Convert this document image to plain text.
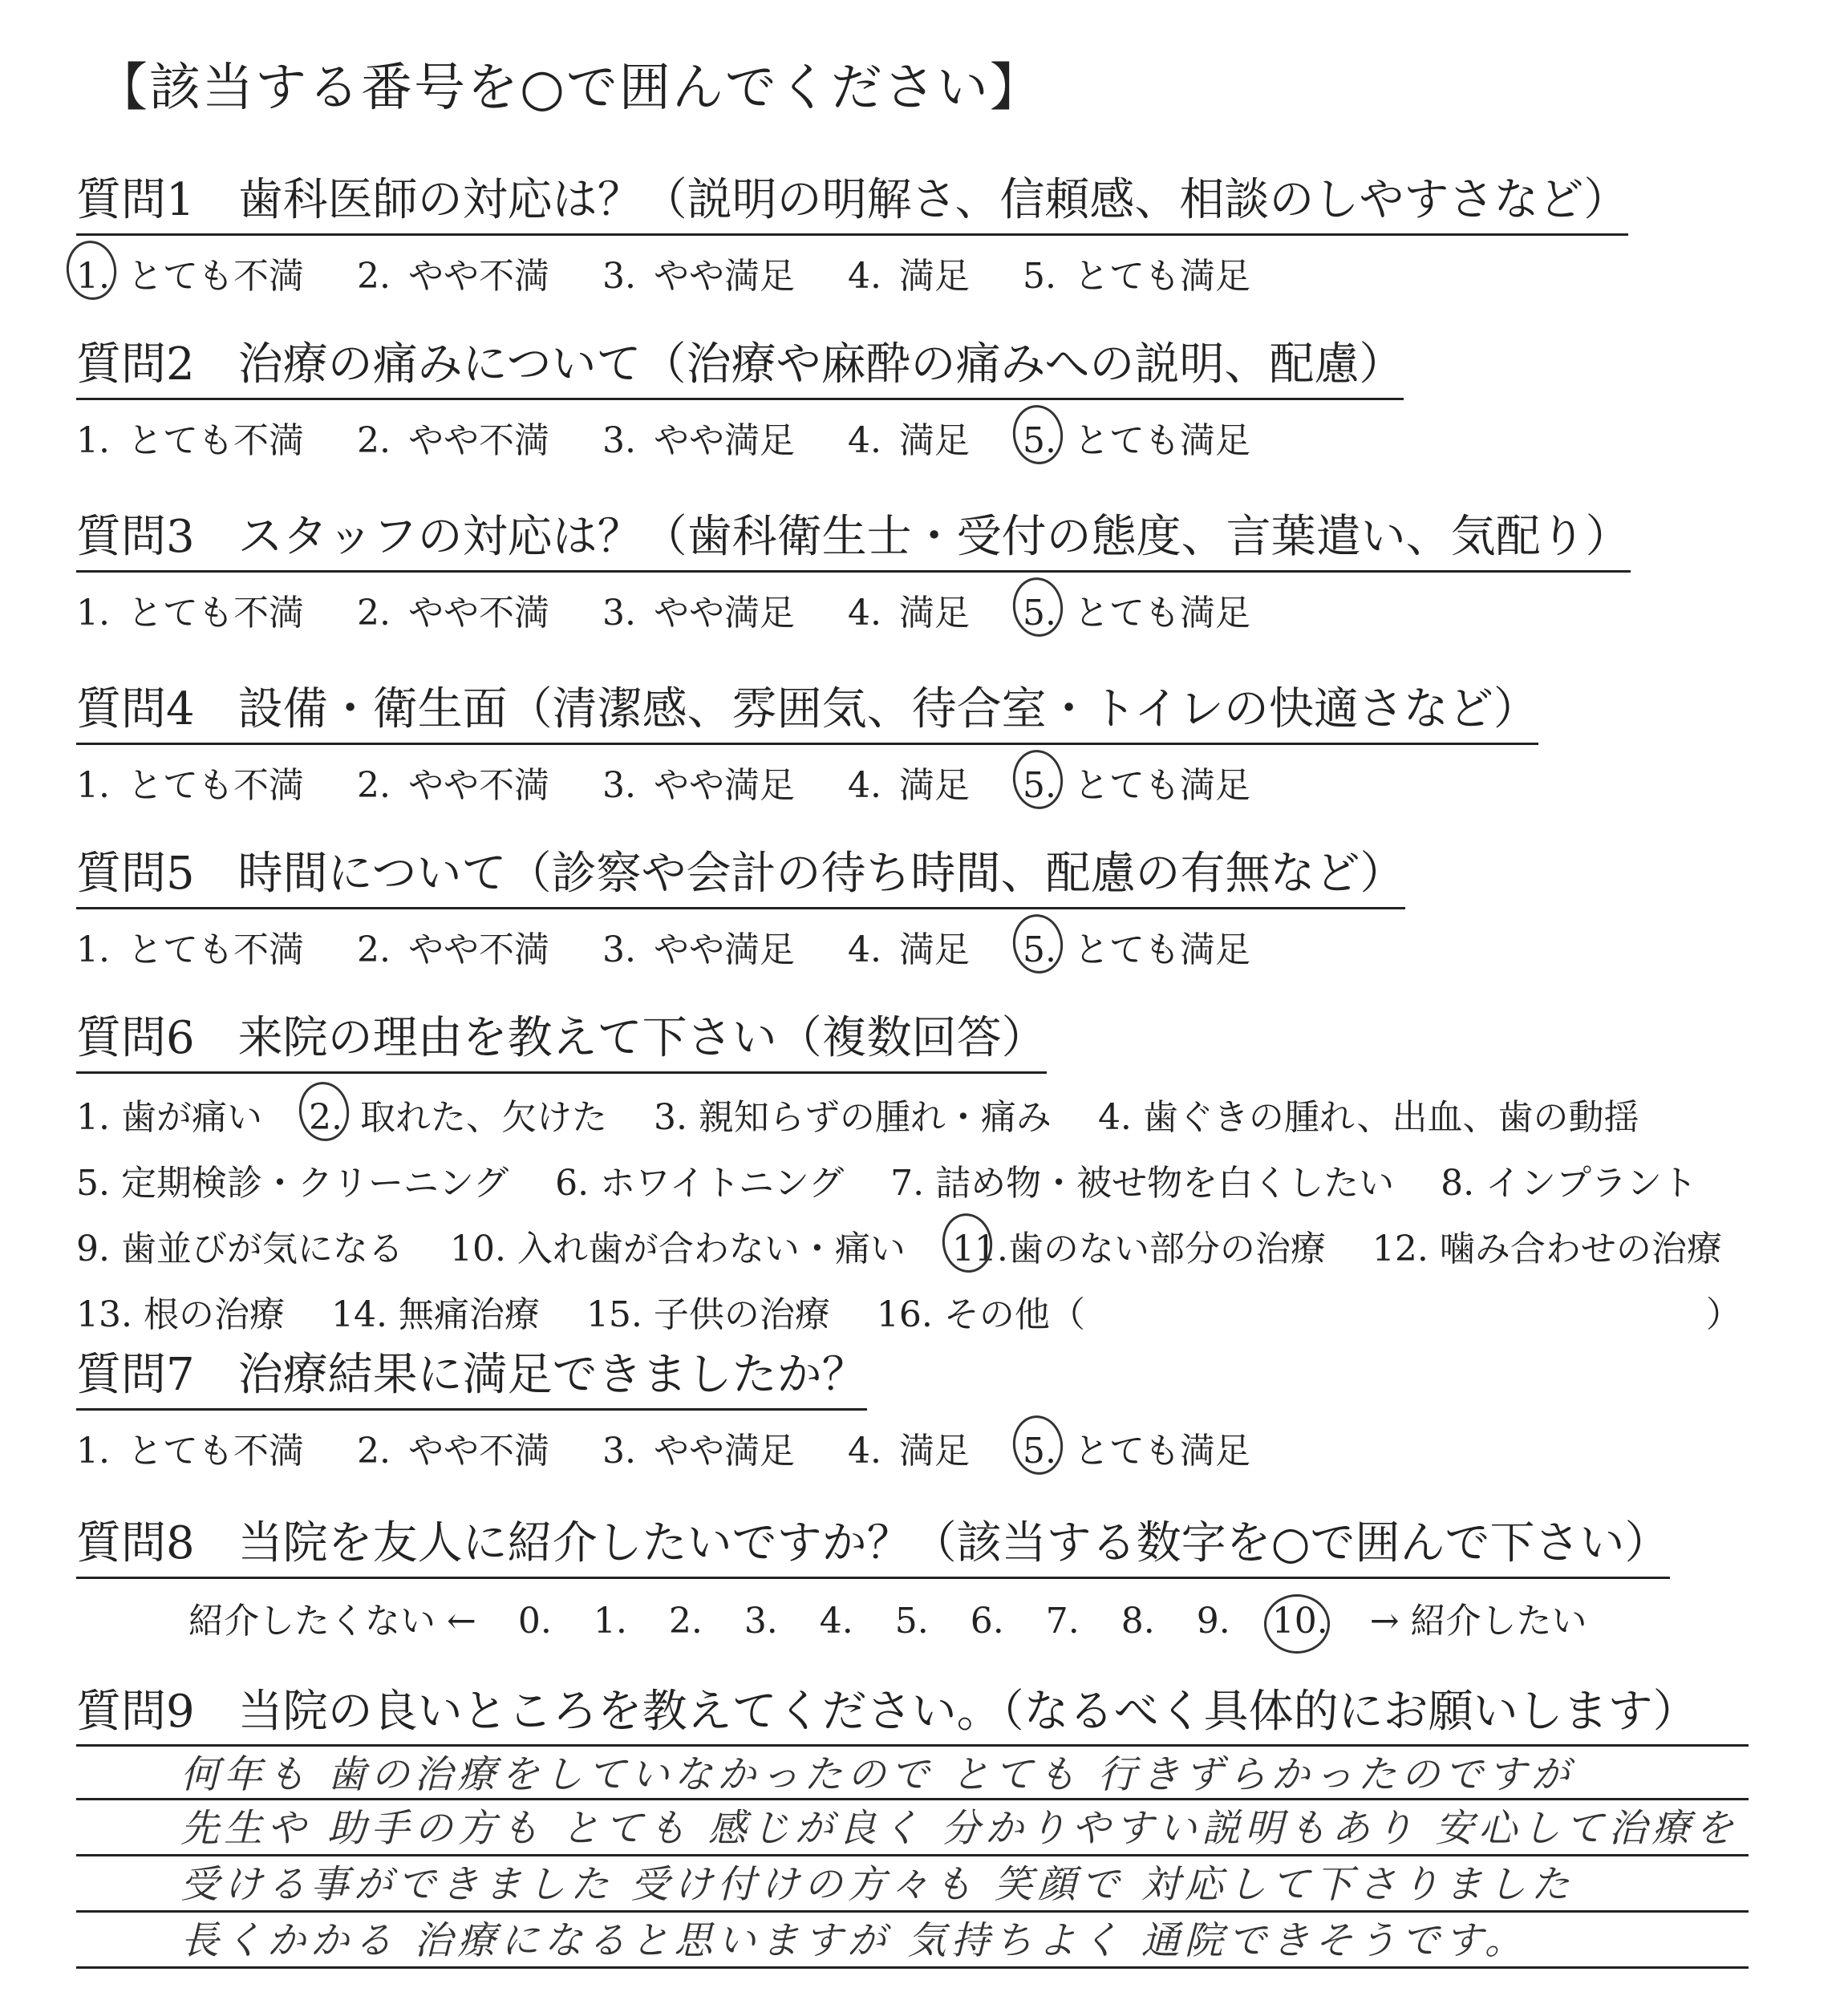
【該当する番号を○で囲んでください】
質問1 歯科医師の対応は？（説明の明解さ、信頼感、相談のしやすさなど）
1. とても不満 2. やや不満 3. やや満足 4. 満足 5. とても満足
質問2 治療の痛みについて（治療や麻酔の痛みへの説明、配慮）
1. とても不満 2. やや不満 3. やや満足 4. 満足 5. とても満足
質問3 スタッフの対応は？（歯科衛生士・受付の態度、言葉遣い、気配り）
1. とても不満 2. やや不満 3. やや満足 4. 満足 5. とても満足
質問4 設備・衛生面（清潔感、雰囲気、待合室・トイレの快適さなど）
1. とても不満 2. やや不満 3. やや満足 4. 満足 5. とても満足
質問5 時間について（診察や会計の待ち時間、配慮の有無など）
1. とても不満 2. やや不満 3. やや満足 4. 満足 5. とても満足
質問6 来院の理由を教えて下さい（複数回答）
1. 歯が痛い 2. 取れた、欠けた 3. 親知らずの腫れ・痛み 4. 歯ぐきの腫れ、出血、歯の動揺
5. 定期検診・クリーニング 6. ホワイトニング 7. 詰め物・被せ物を白くしたい 8. インプラント
9. 歯並びが気になる 10. 入れ歯が合わない・痛い 11.歯のない部分の治療 12. 噛み合わせの治療
13. 根の治療 14. 無痛治療 15. 子供の治療 16. その他（	）
質問7 治療結果に満足できましたか？
1. とても不満 2. やや不満 3. やや満足 4. 満足 5. とても満足
質問8 当院を友人に紹介したいですか？（該当する数字を○で囲んで下さい）
紹介したくない ← 0. 1. 2. 3. 4. 5. 6. 7. 8. 9. 10. → 紹介したい
質問9 当院の良いところを教えてください。（なるべく具体的にお願いします）
何年も 歯の治療をしていなかったので とても 行きずらかったのですが
先生や 助手の方も とても 感じが良く 分かりやすい説明もあり 安心して治療を
受ける事ができました 受け付けの方々も 笑顔で 対応して下さりました
長くかかる 治療になると思いますが 気持ちよく 通院できそうです。
